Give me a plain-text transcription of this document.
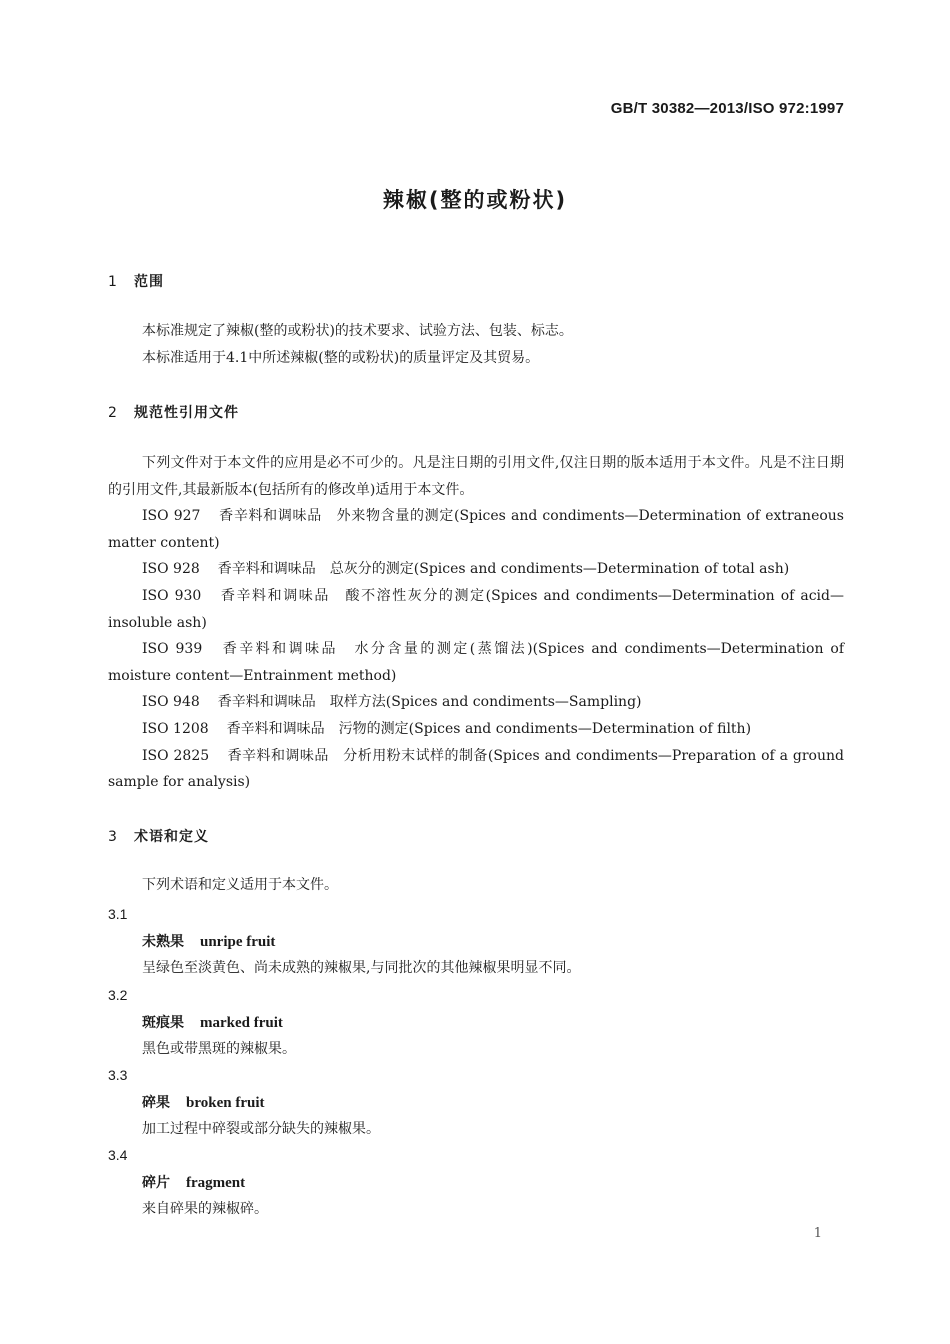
GB/T 30382—2013/ISO 972:1997

辣椒(整的或粉状)
1 范围

本标准规定了辣椒(整的或粉状)的技术要求、试验方法、包装、标志。

本标准适用于4.1中所述辣椒(整的或粉状)的质量评定及其贸易。

2 规范性引用文件

下列文件对于本文件的应用是必不可少的。凡是注日期的引用文件,仅注日期的版本适用于本文件。凡是不注日期的引用文件,其最新版本(包括所有的修改单)适用于本文件。

ISO 927 香辛料和调味品　外来物含量的测定(Spices and condiments—Determination of extraneous matter content)

ISO 928 香辛料和调味品　总灰分的测定(Spices and condiments—Determination of total ash)

ISO 930 香辛料和调味品　酸不溶性灰分的测定(Spices and condiments—Determination of acid—insoluble ash)

ISO 939 香辛料和调味品　水分含量的测定(蒸馏法)(Spices and condiments—Determination of moisture content—Entrainment method)

ISO 948 香辛料和调味品　取样方法(Spices and condiments—Sampling)

ISO 1208 香辛料和调味品　污物的测定(Spices and condiments—Determination of filth)

ISO 2825 香辛料和调味品　分析用粉末试样的制备(Spices and condiments—Preparation of a ground sample for analysis)

3 术语和定义

下列术语和定义适用于本文件。

3.1

未熟果 unripe fruit

呈绿色至淡黄色、尚未成熟的辣椒果,与同批次的其他辣椒果明显不同。

3.2

斑痕果 marked fruit

黑色或带黑斑的辣椒果。

3.3

碎果 broken fruit

加工过程中碎裂或部分缺失的辣椒果。

3.4

碎片 fragment

来自碎果的辣椒碎。

1
